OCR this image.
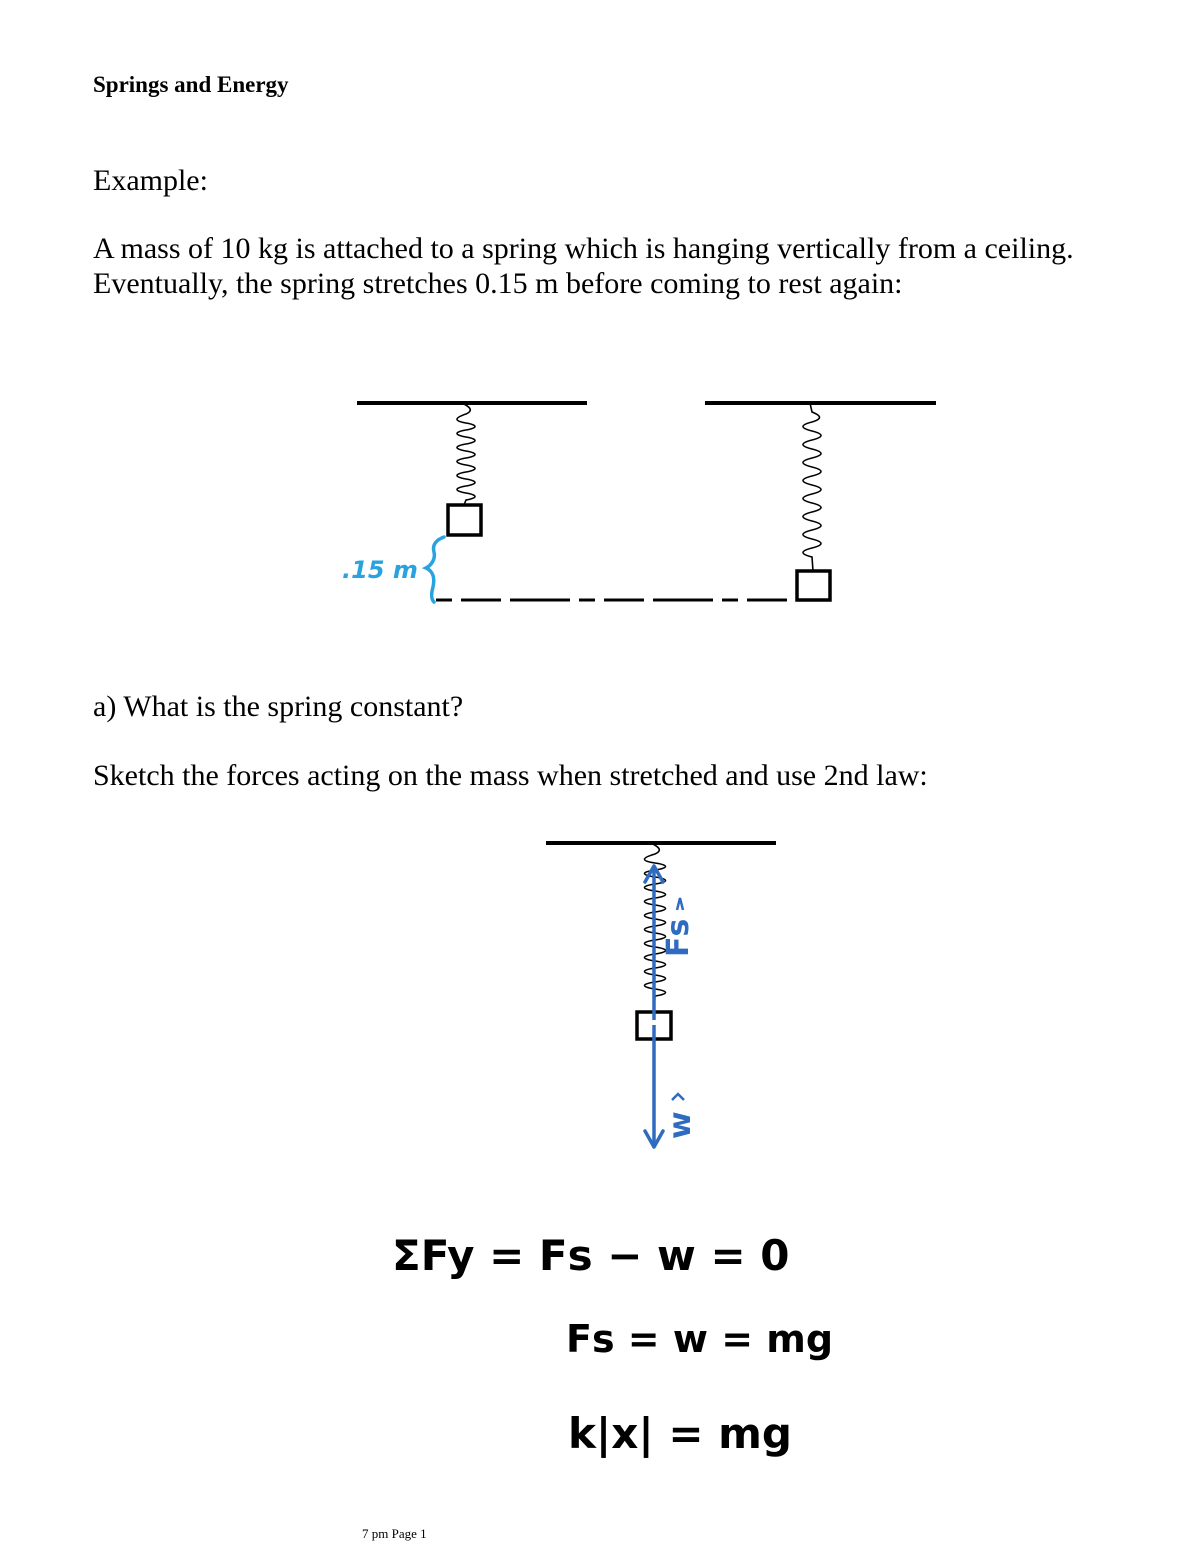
Springs and Energy
Example:
A mass of 10 kg is attached to a spring which is hanging vertically from a ceiling.
Eventually, the spring stretches 0.15 m before coming to rest again:
.15 m
Fs
w
ΣFy = Fs − w = 0
Fs = w = mg
k|x| = mg
a) What is the spring constant?
Sketch the forces acting on the mass when stretched and use 2nd law:
7 pm Page 1
